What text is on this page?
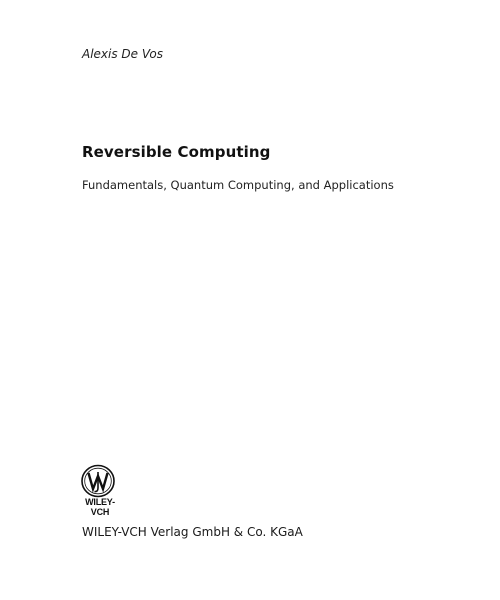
Alexis De Vos
Reversible Computing
Fundamentals, Quantum Computing, and Applications
WILEY-
VCH
WILEY-VCH Verlag GmbH & Co. KGaA
